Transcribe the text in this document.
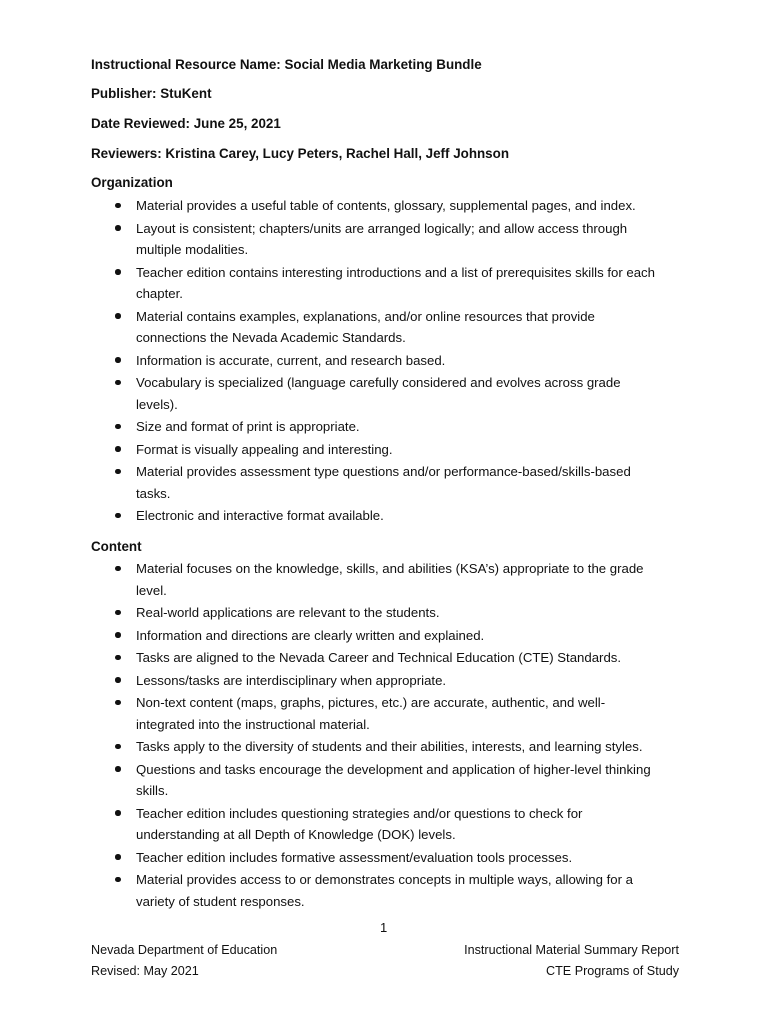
Instructional Resource Name: Social Media Marketing Bundle
Publisher: StuKent
Date Reviewed: June 25, 2021
Reviewers: Kristina Carey, Lucy Peters, Rachel Hall, Jeff Johnson
Organization
Material provides a useful table of contents, glossary, supplemental pages, and index.
Layout is consistent; chapters/units are arranged logically; and allow access through multiple modalities.
Teacher edition contains interesting introductions and a list of prerequisites skills for each chapter.
Material contains examples, explanations, and/or online resources that provide connections the Nevada Academic Standards.
Information is accurate, current, and research based.
Vocabulary is specialized (language carefully considered and evolves across grade levels).
Size and format of print is appropriate.
Format is visually appealing and interesting.
Material provides assessment type questions and/or performance-based/skills-based tasks.
Electronic and interactive format available.
Content
Material focuses on the knowledge, skills, and abilities (KSA’s) appropriate to the grade level.
Real-world applications are relevant to the students.
Information and directions are clearly written and explained.
Tasks are aligned to the Nevada Career and Technical Education (CTE) Standards.
Lessons/tasks are interdisciplinary when appropriate.
Non-text content (maps, graphs, pictures, etc.) are accurate, authentic, and well-integrated into the instructional material.
Tasks apply to the diversity of students and their abilities, interests, and learning styles.
Questions and tasks encourage the development and application of higher-level thinking skills.
Teacher edition includes questioning strategies and/or questions to check for understanding at all Depth of Knowledge (DOK) levels.
Teacher edition includes formative assessment/evaluation tools processes.
Material provides access to or demonstrates concepts in multiple ways, allowing for a variety of student responses.
1
Nevada Department of Education
Revised: May 2021
Instructional Material Summary Report
CTE Programs of Study
